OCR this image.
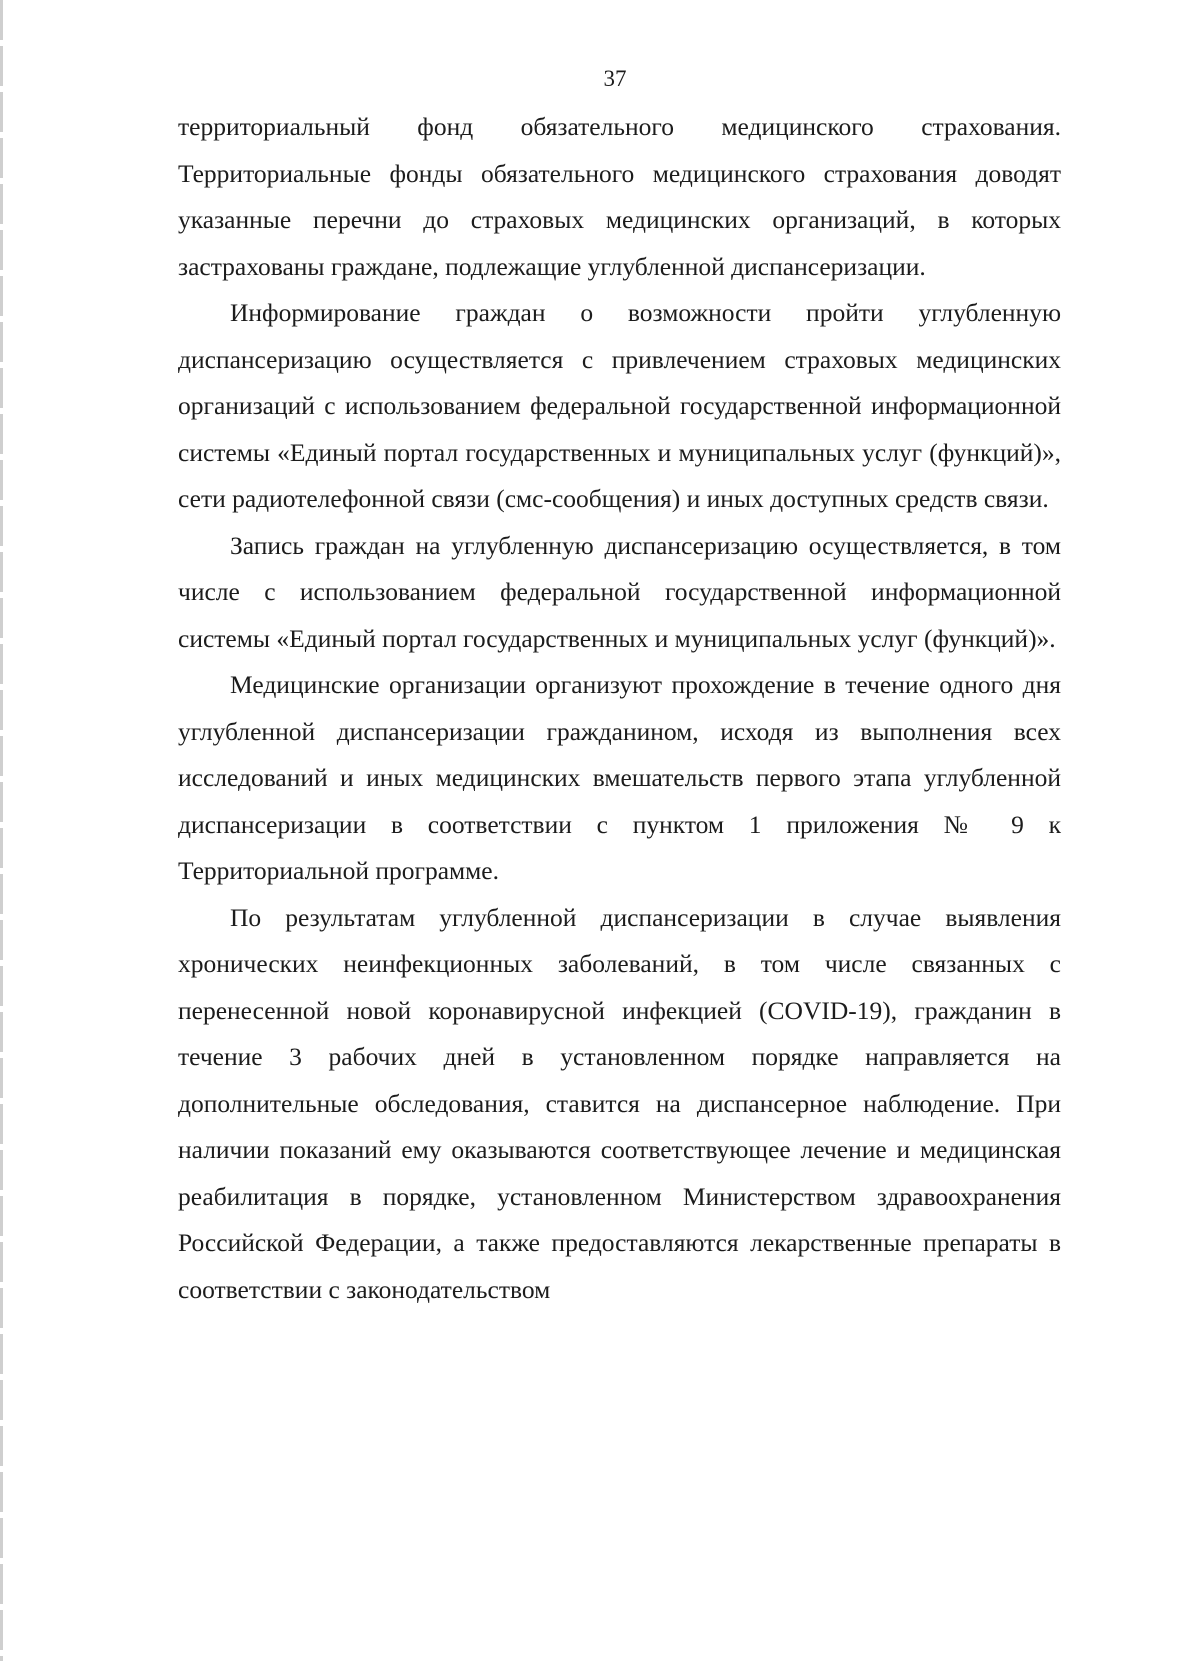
37

территориальный фонд обязательного медицинского страхования. Территориальные фонды обязательного медицинского страхования доводят указанные перечни до страховых медицинских организаций, в которых застрахованы граждане, подлежащие углубленной диспансеризации.

Информирование граждан о возможности пройти углубленную диспансеризацию осуществляется с привлечением страховых медицинских организаций с использованием федеральной государственной информационной системы «Единый портал государственных и муниципальных услуг (функций)», сети радиотелефонной связи (смс-сообщения) и иных доступных средств связи.

Запись граждан на углубленную диспансеризацию осуществляется, в том числе с использованием федеральной государственной информационной системы «Единый портал государственных и муниципальных услуг (функций)».

Медицинские организации организуют прохождение в течение одного дня углубленной диспансеризации гражданином, исходя из выполнения всех исследований и иных медицинских вмешательств первого этапа углубленной диспансеризации в соответствии с пунктом 1 приложения № 9 к Территориальной программе.

По результатам углубленной диспансеризации в случае выявления хронических неинфекционных заболеваний, в том числе связанных с перенесенной новой коронавирусной инфекцией (COVID-19), гражданин в течение 3 рабочих дней в установленном порядке направляется на дополнительные обследования, ставится на диспансерное наблюдение. При наличии показаний ему оказываются соответствующее лечение и медицинская реабилитация в порядке, установленном Министерством здравоохранения Российской Федерации, а также предоставляются лекарственные препараты в соответствии с законодательством
